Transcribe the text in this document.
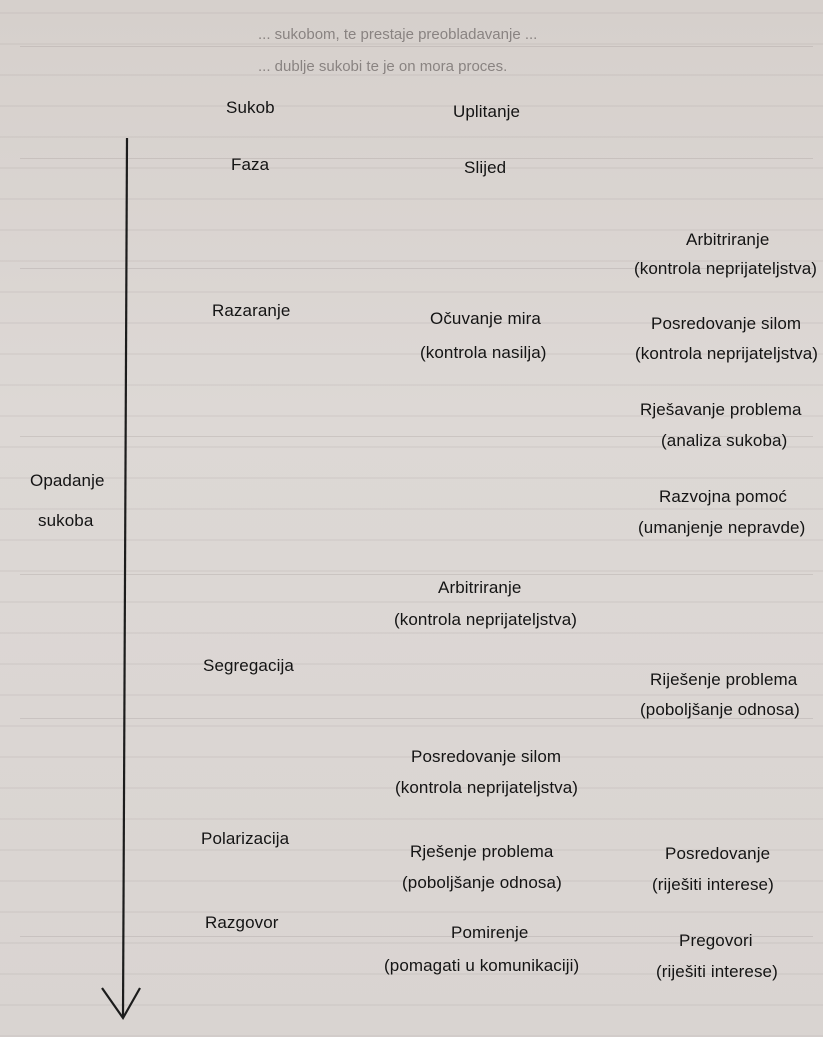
... sukobom, te prestaje preobladavanje ...
... dublje sukobi te je on mora proces.
Sukob
Faza
Uplitanje
Slijed
Opadanje
sukoba
Razaranje
Segregacija
Polarizacija
Razgovor
Očuvanje mira
(kontrola nasilja)
Arbitriranje
(kontrola neprijateljstva)
Posredovanje silom
(kontrola neprijateljstva)
Rješenje problema
(poboljšanje odnosa)
Pomirenje
(pomagati u komunikaciji)
Arbitriranje
(kontrola neprijateljstva)
Posredovanje silom
(kontrola neprijateljstva)
Rješavanje problema
(analiza sukoba)
Razvojna pomoć
(umanjenje nepravde)
Riješenje problema
(poboljšanje odnosa)
Posredovanje
(riješiti interese)
Pregovori
(riješiti interese)
